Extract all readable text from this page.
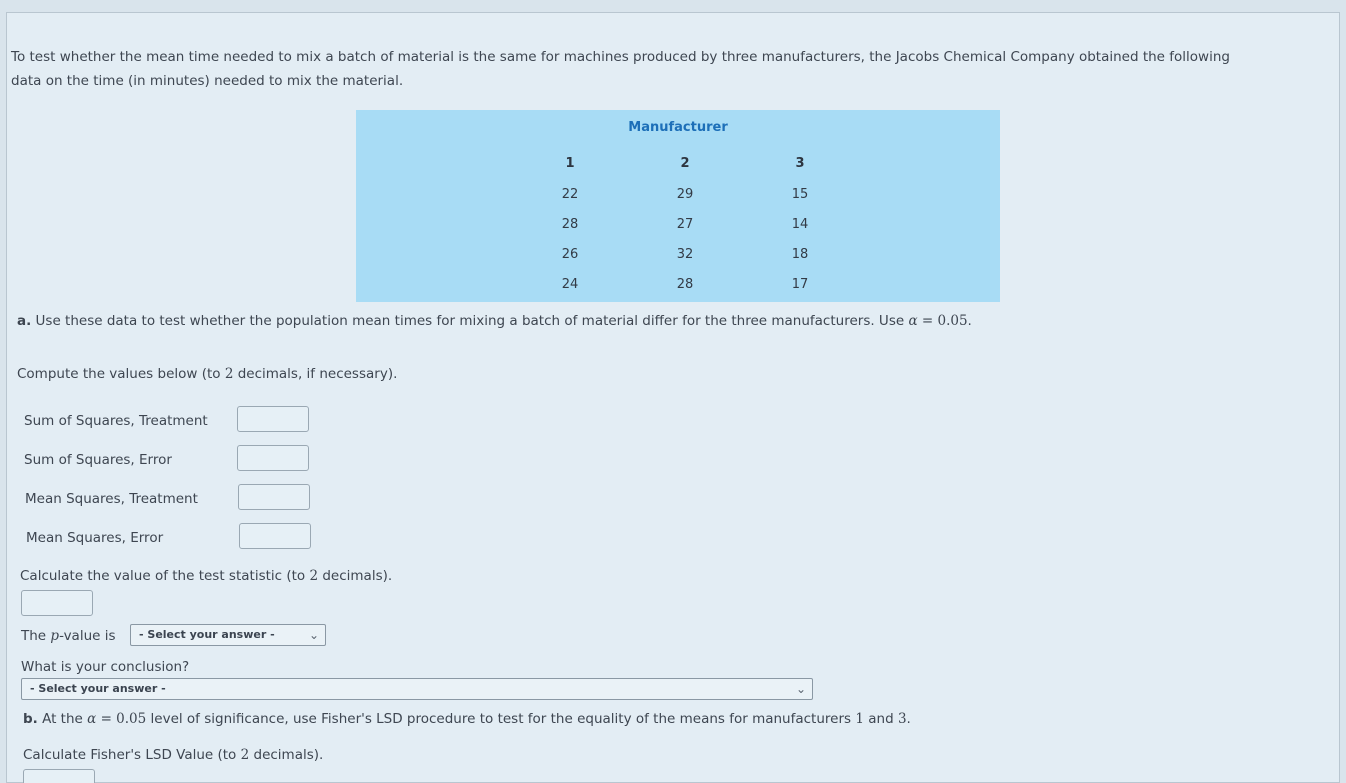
To test whether the mean time needed to mix a batch of material is the same for machines produced by three manufacturers, the Jacobs Chemical Company obtained the following
data on the time (in minutes) needed to mix the material.
Manufacturer
1	2	3
22	29	15
28	27	14
26	32	18
24	28	17
a. Use these data to test whether the population mean times for mixing a batch of material differ for the three manufacturers. Use α = 0.05.
Compute the values below (to 2 decimals, if necessary).
Sum of Squares, Treatment
Sum of Squares, Error
Mean Squares, Treatment
Mean Squares, Error
Calculate the value of the test statistic (to 2 decimals).
The p-value is	- Select your answer -	⌄
What is your conclusion?
- Select your answer -	⌄
b. At the α = 0.05 level of significance, use Fisher's LSD procedure to test for the equality of the means for manufacturers 1 and 3.
Calculate Fisher's LSD Value (to 2 decimals).
